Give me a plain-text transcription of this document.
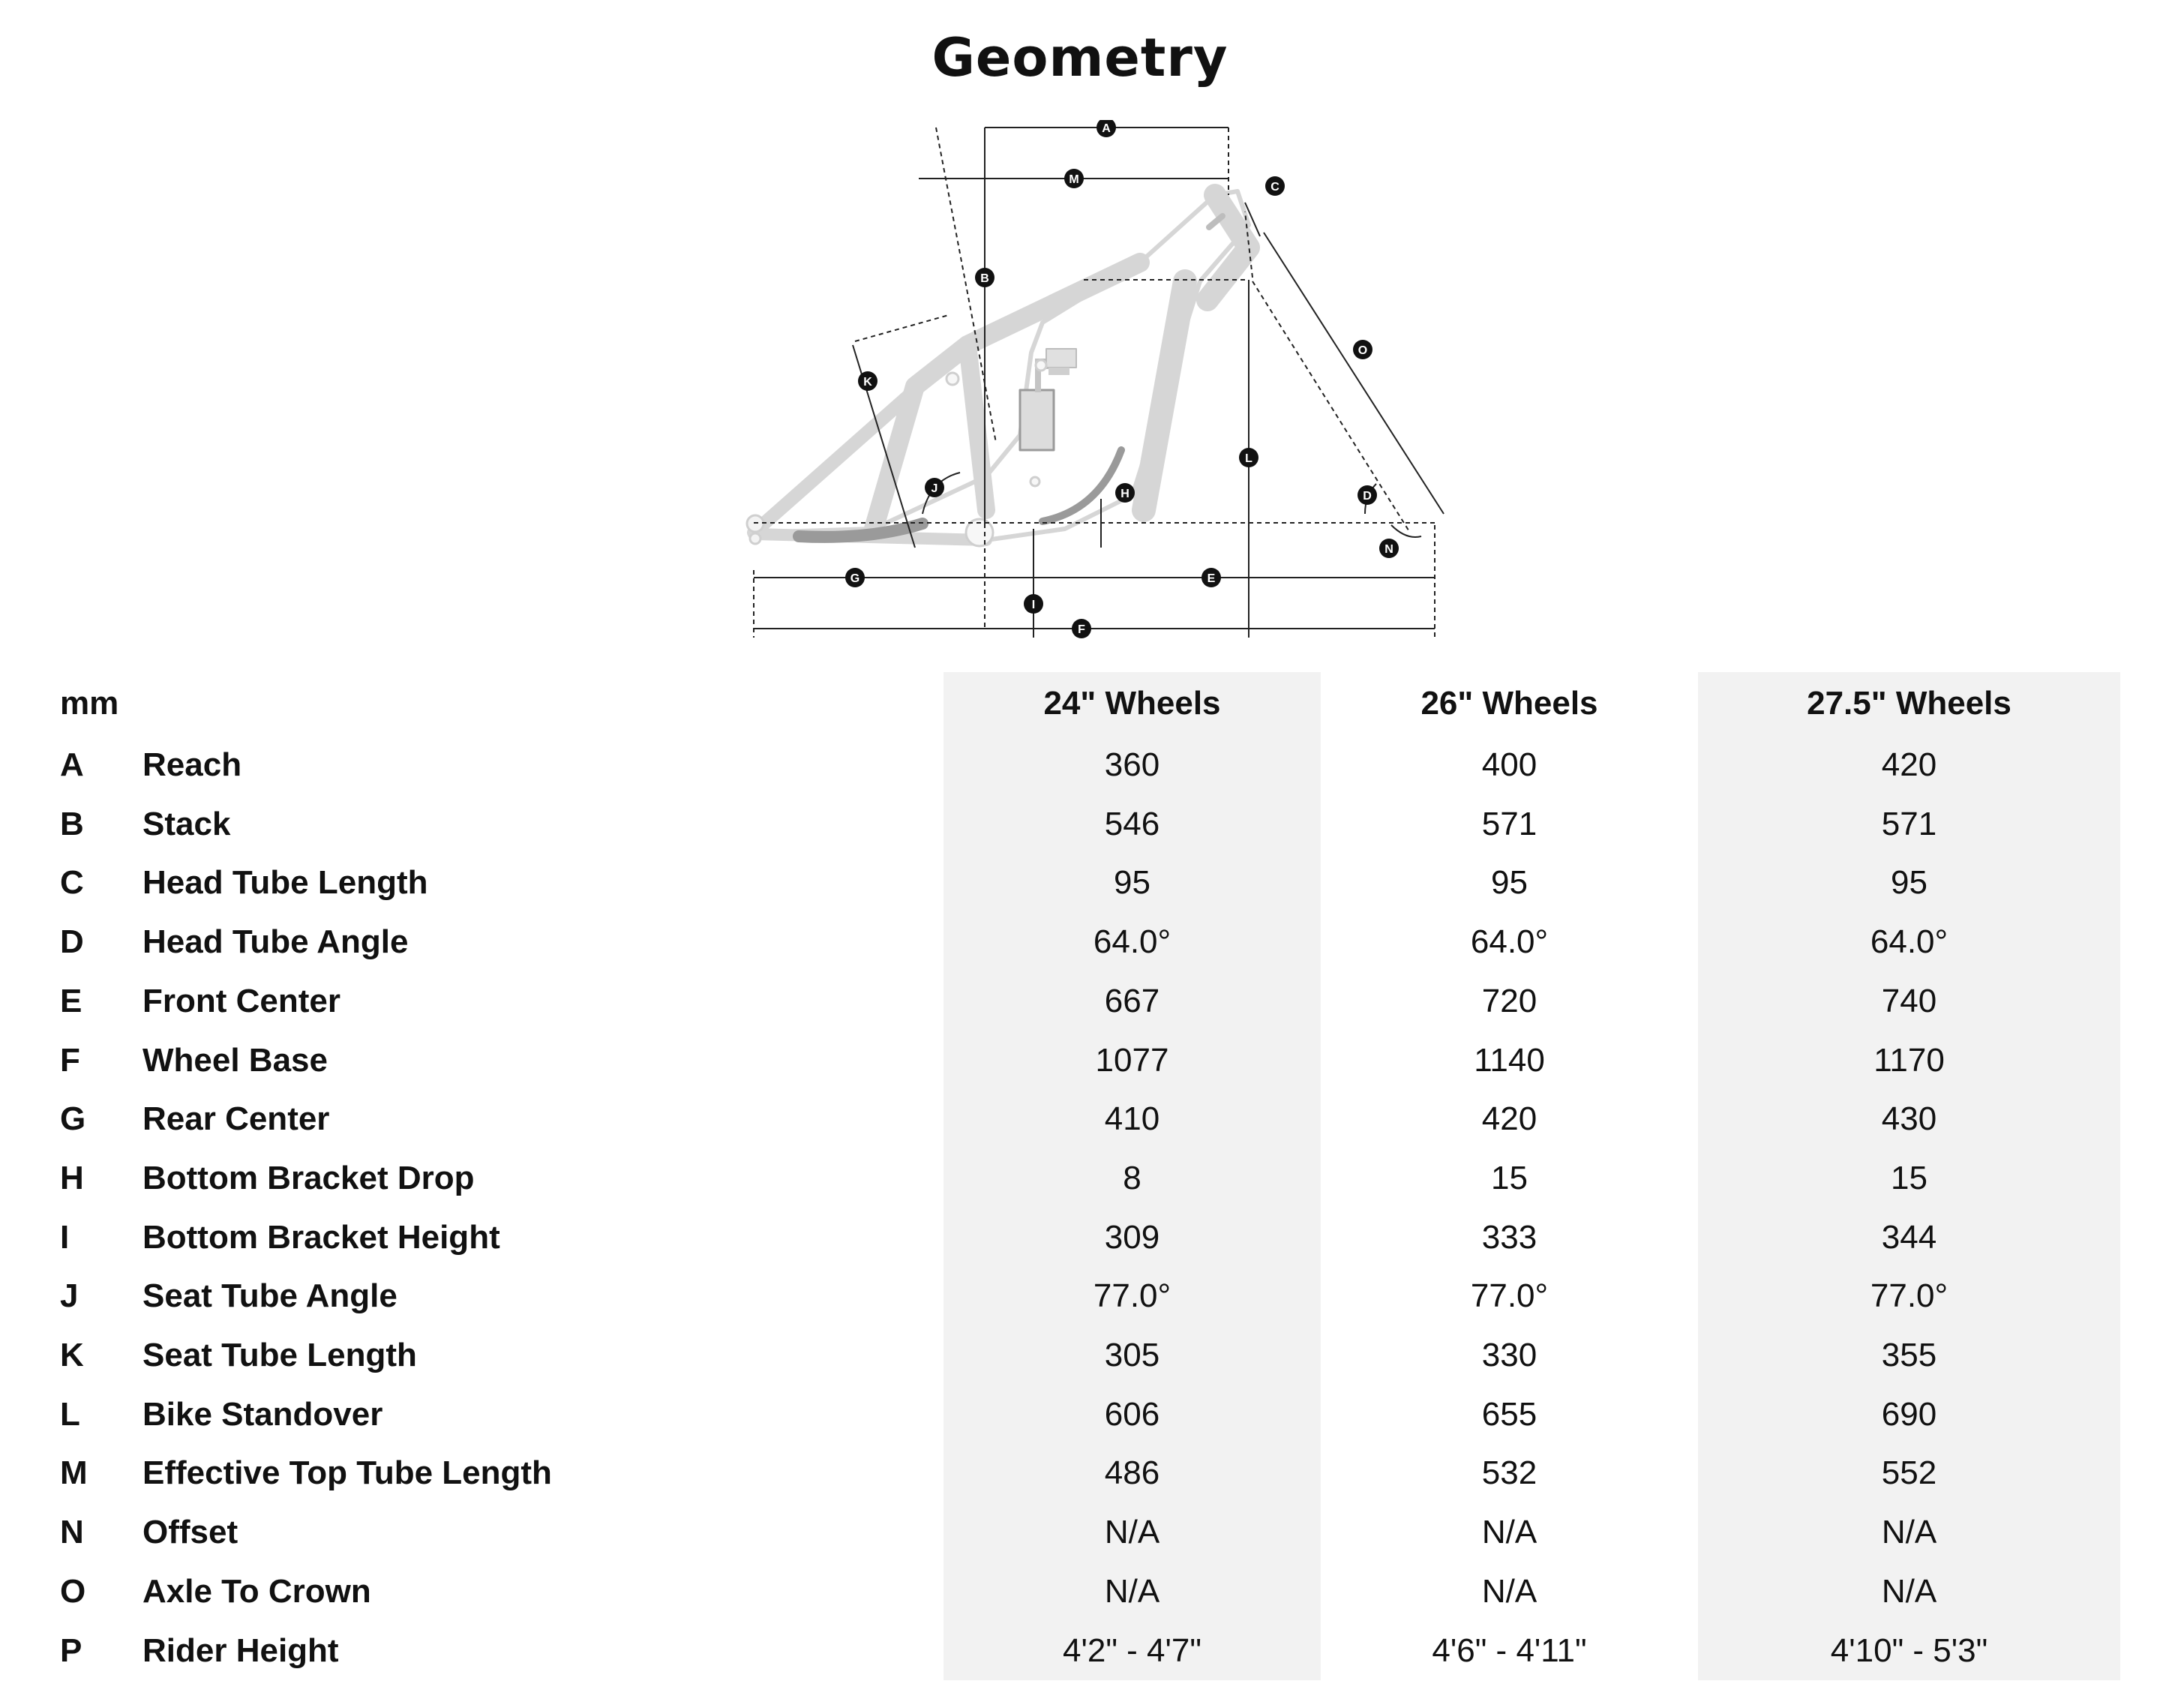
Geometry
A
B
C
D
E
F
G
H
I
J
K
L
M
N
O
mm	24" Wheels	26" Wheels	27.5" Wheels
A Reach	360	400	420
B Stack	546	571	571
C Head Tube Length	95	95	95
D Head Tube Angle	64.0°	64.0°	64.0°
E Front Center	667	720	740
F Wheel Base	1077	1140	1170
G Rear Center	410	420	430
H Bottom Bracket Drop	8	15	15
I Bottom Bracket Height	309	333	344
J Seat Tube Angle	77.0°	77.0°	77.0°
K Seat Tube Length	305	330	355
L Bike Standover	606	655	690
M Effective Top Tube Length	486	532	552
N Offset	N/A	N/A	N/A
O Axle To Crown	N/A	N/A	N/A
P Rider Height	4'2" - 4'7"	4'6" - 4'11"	4'10" - 5'3"
